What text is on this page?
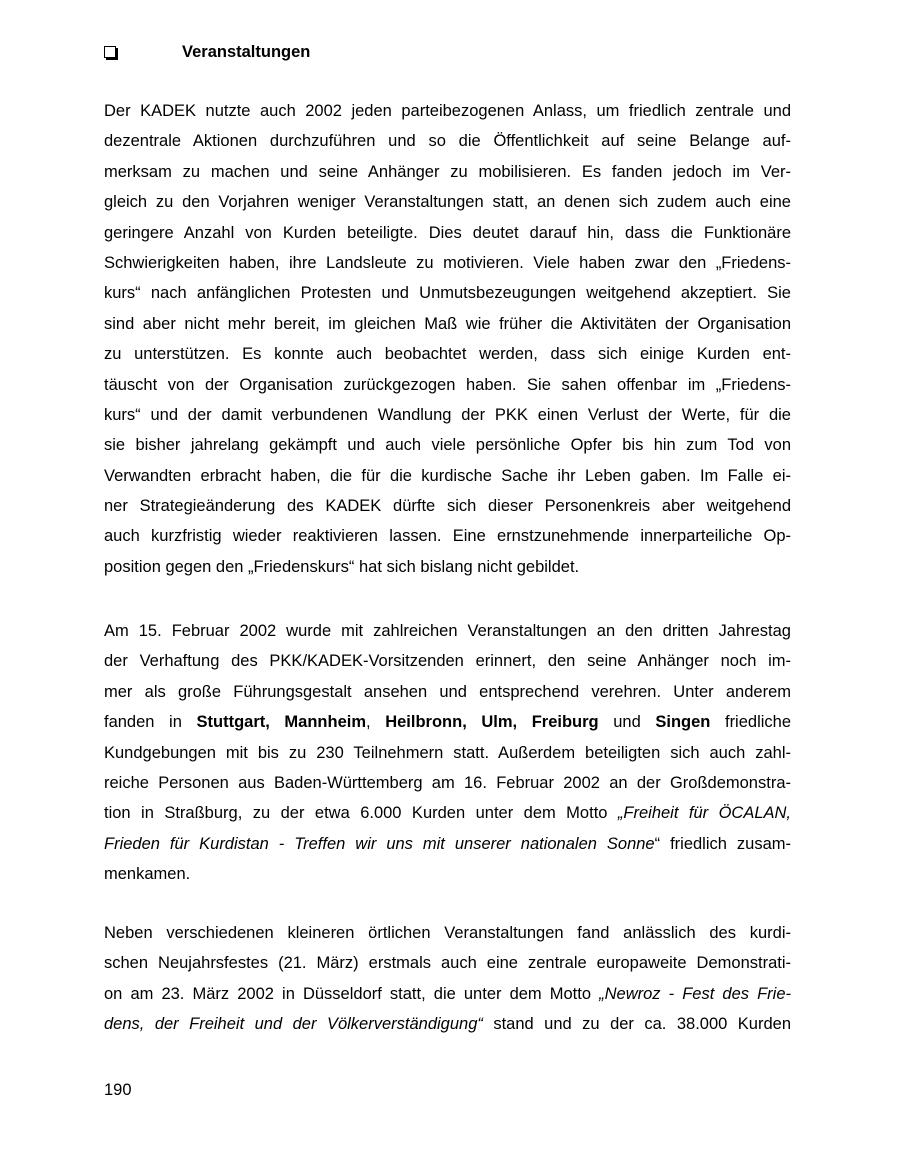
Veranstaltungen
Der KADEK nutzte auch 2002 jeden parteibezogenen Anlass, um friedlich zentrale und
dezentrale Aktionen durchzuführen und so die Öffentlichkeit auf seine Belange auf-
merksam zu machen und seine Anhänger zu mobilisieren. Es fanden jedoch im Ver-
gleich zu den Vorjahren weniger Veranstaltungen statt, an denen sich zudem auch eine
geringere Anzahl von Kurden beteiligte. Dies deutet darauf hin, dass die Funktionäre
Schwierigkeiten haben, ihre Landsleute zu motivieren. Viele haben zwar den „Friedens-
kurs“ nach anfänglichen Protesten und Unmutsbezeugungen weitgehend akzeptiert. Sie
sind aber nicht mehr bereit, im gleichen Maß wie früher die Aktivitäten der Organisation
zu unterstützen. Es konnte auch beobachtet werden, dass sich einige Kurden ent-
täuscht von der Organisation zurückgezogen haben. Sie sahen offenbar im „Friedens-
kurs“ und der damit verbundenen Wandlung der PKK einen Verlust der Werte, für die
sie bisher jahrelang gekämpft und auch viele persönliche Opfer bis hin zum Tod von
Verwandten erbracht haben, die für die kurdische Sache ihr Leben gaben. Im Falle ei-
ner Strategieänderung des KADEK dürfte sich dieser Personenkreis aber weitgehend
auch kurzfristig wieder reaktivieren lassen. Eine ernstzunehmende innerparteiliche Op-
position gegen den „Friedenskurs“ hat sich bislang nicht gebildet.
Am 15. Februar 2002 wurde mit zahlreichen Veranstaltungen an den dritten Jahrestag
der Verhaftung des PKK/KADEK-Vorsitzenden erinnert, den seine Anhänger noch im-
mer als große Führungsgestalt ansehen und entsprechend verehren. Unter anderem
fanden in Stuttgart, Mannheim, Heilbronn, Ulm, Freiburg und Singen friedliche
Kundgebungen mit bis zu 230 Teilnehmern statt. Außerdem beteiligten sich auch zahl-
reiche Personen aus Baden-Württemberg am 16. Februar 2002 an der Großdemonstra-
tion in Straßburg, zu der etwa 6.000 Kurden unter dem Motto „Freiheit für ÖCALAN,
Frieden für Kurdistan - Treffen wir uns mit unserer nationalen Sonne“ friedlich zusam-
menkamen.
Neben verschiedenen kleineren örtlichen Veranstaltungen fand anlässlich des kurdi-
schen Neujahrsfestes (21. März) erstmals auch eine zentrale europaweite Demonstrati-
on am 23. März 2002 in Düsseldorf statt, die unter dem Motto „Newroz - Fest des Frie-
dens, der Freiheit und der Völkerverständigung“ stand und zu der ca. 38.000 Kurden
190
